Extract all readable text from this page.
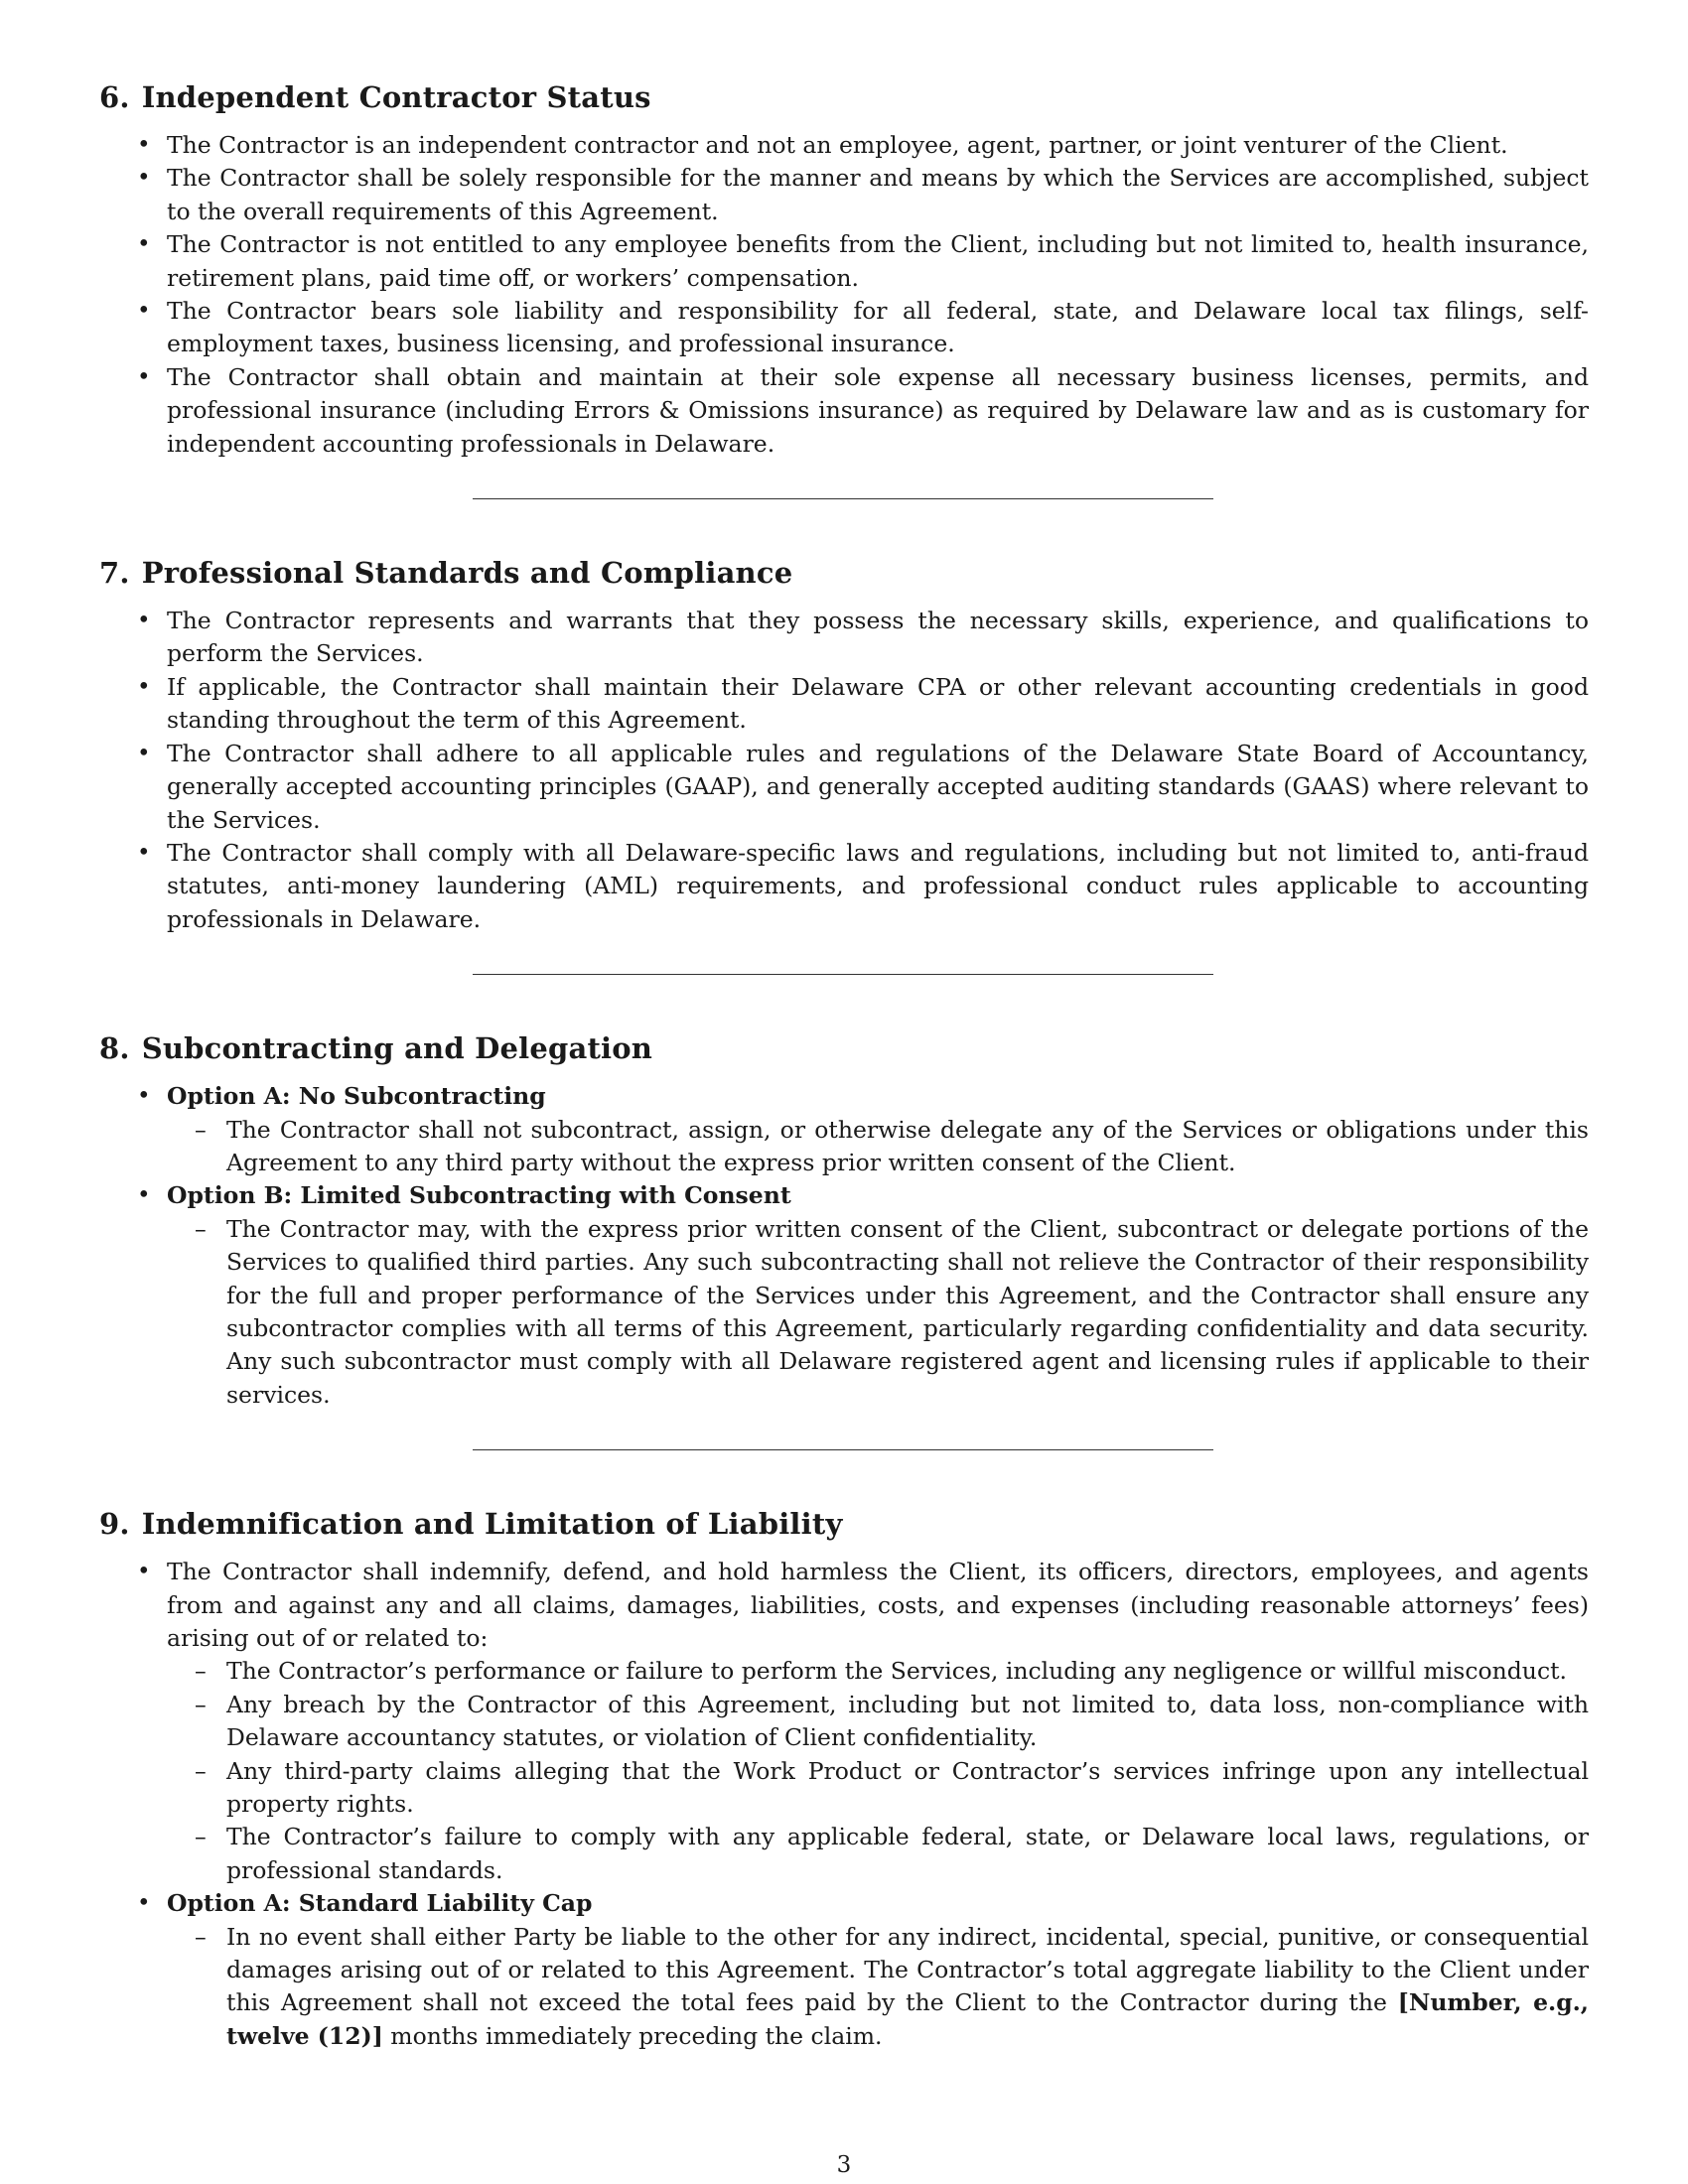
6. Independent Contractor Status
• The Contractor is an independent contractor and not an employee, agent, partner, or joint venturer of the Client.
• The Contractor shall be solely responsible for the manner and means by which the Services are accomplished, subject to the overall requirements of this Agreement.
• The Contractor is not entitled to any employee benefits from the Client, including but not limited to, health insurance, retirement plans, paid time off, or workers’ compensation.
• The Contractor bears sole liability and responsibility for all federal, state, and Delaware local tax filings, self-employment taxes, business licensing, and professional insurance.
• The Contractor shall obtain and maintain at their sole expense all necessary business licenses, permits, and professional insurance (including Errors & Omissions insurance) as required by Delaware law and as is customary for independent accounting professionals in Delaware.
7. Professional Standards and Compliance
• The Contractor represents and warrants that they possess the necessary skills, experience, and qualifications to perform the Services.
• If applicable, the Contractor shall maintain their Delaware CPA or other relevant accounting credentials in good standing throughout the term of this Agreement.
• The Contractor shall adhere to all applicable rules and regulations of the Delaware State Board of Accountancy, generally accepted accounting principles (GAAP), and generally accepted auditing standards (GAAS) where relevant to the Services.
• The Contractor shall comply with all Delaware-specific laws and regulations, including but not limited to, anti-fraud statutes, anti-money laundering (AML) requirements, and professional conduct rules applicable to accounting professionals in Delaware.
8. Subcontracting and Delegation
• Option A: No Subcontracting
– The Contractor shall not subcontract, assign, or otherwise delegate any of the Services or obligations under this Agreement to any third party without the express prior written consent of the Client.
• Option B: Limited Subcontracting with Consent
– The Contractor may, with the express prior written consent of the Client, subcontract or delegate portions of the Services to qualified third parties. Any such subcontracting shall not relieve the Contractor of their responsibility for the full and proper performance of the Services under this Agreement, and the Contractor shall ensure any subcontractor complies with all terms of this Agreement, particularly regarding confidentiality and data security. Any such subcontractor must comply with all Delaware registered agent and licensing rules if applicable to their services.
9. Indemnification and Limitation of Liability
• The Contractor shall indemnify, defend, and hold harmless the Client, its officers, directors, employees, and agents from and against any and all claims, damages, liabilities, costs, and expenses (including reasonable attorneys’ fees) arising out of or related to:
– The Contractor’s performance or failure to perform the Services, including any negligence or willful misconduct.
– Any breach by the Contractor of this Agreement, including but not limited to, data loss, non-compliance with Delaware accountancy statutes, or violation of Client confidentiality.
– Any third-party claims alleging that the Work Product or Contractor’s services infringe upon any intellectual property rights.
– The Contractor’s failure to comply with any applicable federal, state, or Delaware local laws, regulations, or professional standards.
• Option A: Standard Liability Cap
– In no event shall either Party be liable to the other for any indirect, incidental, special, punitive, or consequential damages arising out of or related to this Agreement. The Contractor’s total aggregate liability to the Client under this Agreement shall not exceed the total fees paid by the Client to the Contractor during the [Number, e.g., twelve (12)] months immediately preceding the claim.
3
